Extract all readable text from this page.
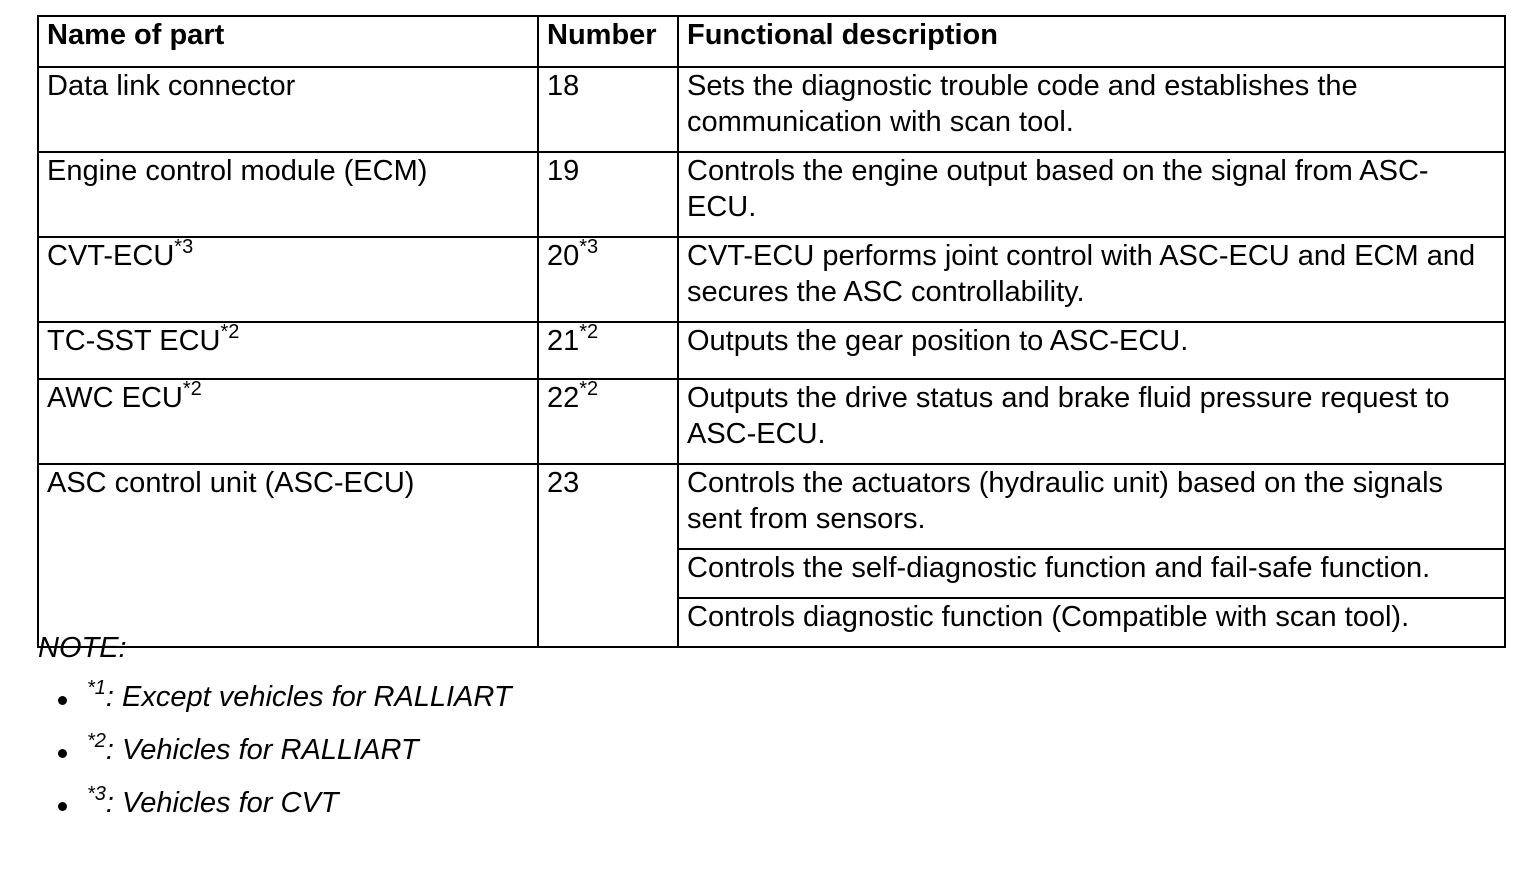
Name of part	Number	Functional description
Data link connector	18	Sets the diagnostic trouble code and establishes the communication with scan tool.
Engine control module (ECM)	19	Controls the engine output based on the signal from ASC-ECU.
CVT-ECU$^{*3}$	20$^{*3}$	CVT-ECU performs joint control with ASC-ECU and ECM and secures the ASC controllability.
TC-SST ECU$^{*2}$	21$^{*2}$	Outputs the gear position to ASC-ECU.
AWC ECU$^{*2}$	22$^{*2}$	Outputs the drive status and brake fluid pressure request to ASC-ECU.
ASC control unit (ASC-ECU)	23	Controls the actuators (hydraulic unit) based on the signals sent from sensors.
		Controls the self-diagnostic function and fail-safe function.
		Controls diagnostic function (Compatible with scan tool).
NOTE:
$^{*1}$: Except vehicles for RALLIART
$^{*2}$: Vehicles for RALLIART
$^{*3}$: Vehicles for CVT
